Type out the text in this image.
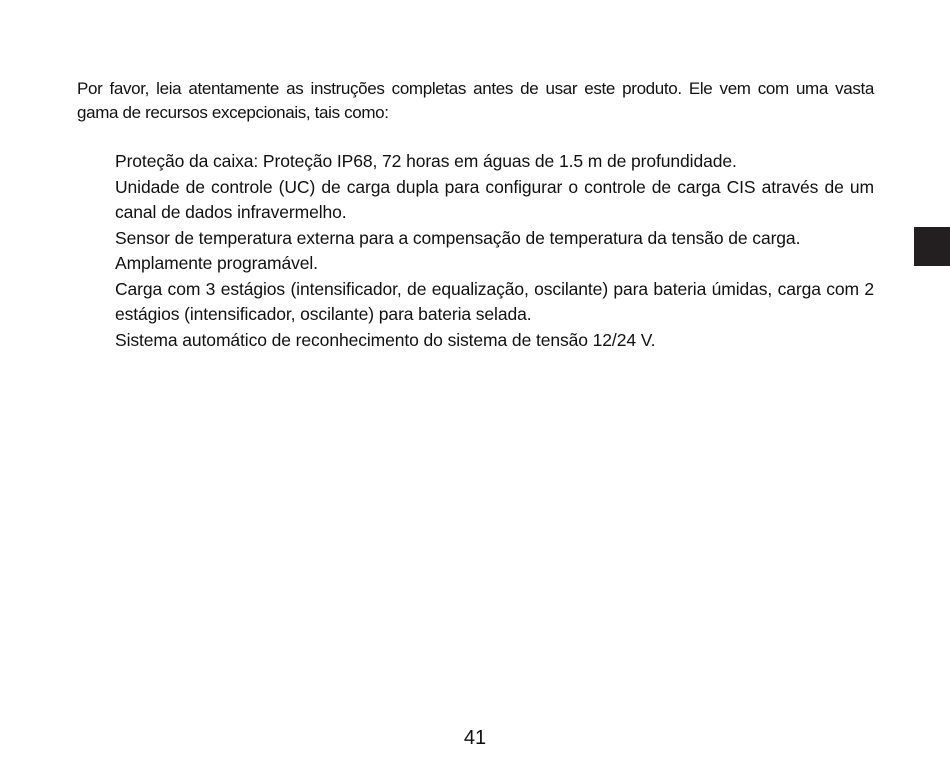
Por favor, leia atentamente as instruções completas antes de usar este produto. Ele vem com uma vasta gama de recursos excepcionais, tais como:

Proteção da caixa: Proteção IP68, 72 horas em águas de 1.5 m de profundidade.
Unidade de controle (UC) de carga dupla para configurar o controle de carga CIS através de um canal de dados infravermelho.
Sensor de temperatura externa para a compensação de temperatura da tensão de carga.
Amplamente programável.
Carga com 3 estágios (intensificador, de equalização, oscilante) para bateria úmidas, carga com 2 estágios (intensificador, oscilante) para bateria selada.
Sistema automático de reconhecimento do sistema de tensão 12/24 V.
41
